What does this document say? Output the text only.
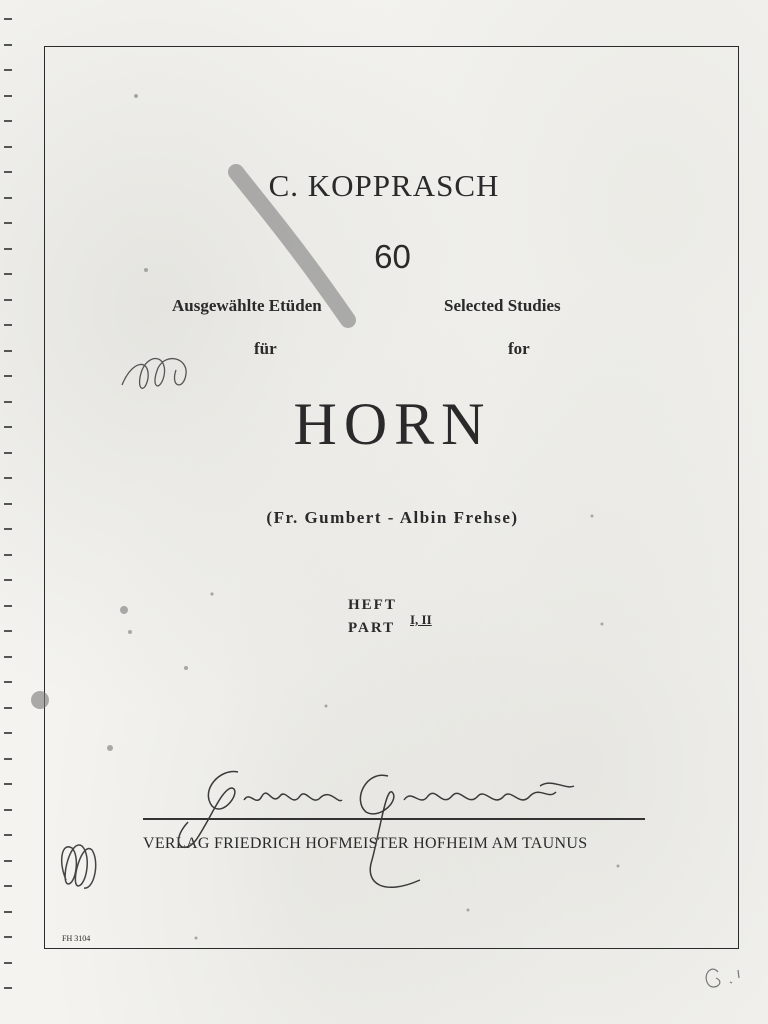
C. KOPPRASCH
60
Ausgewählte Etüden	Selected Studies
für	for
HORN
(Fr. Gumbert - Albin Frehse)
HEFT
PART
I, II
VERLAG FRIEDRICH HOFMEISTER HOFHEIM AM TAUNUS
FH 3104
